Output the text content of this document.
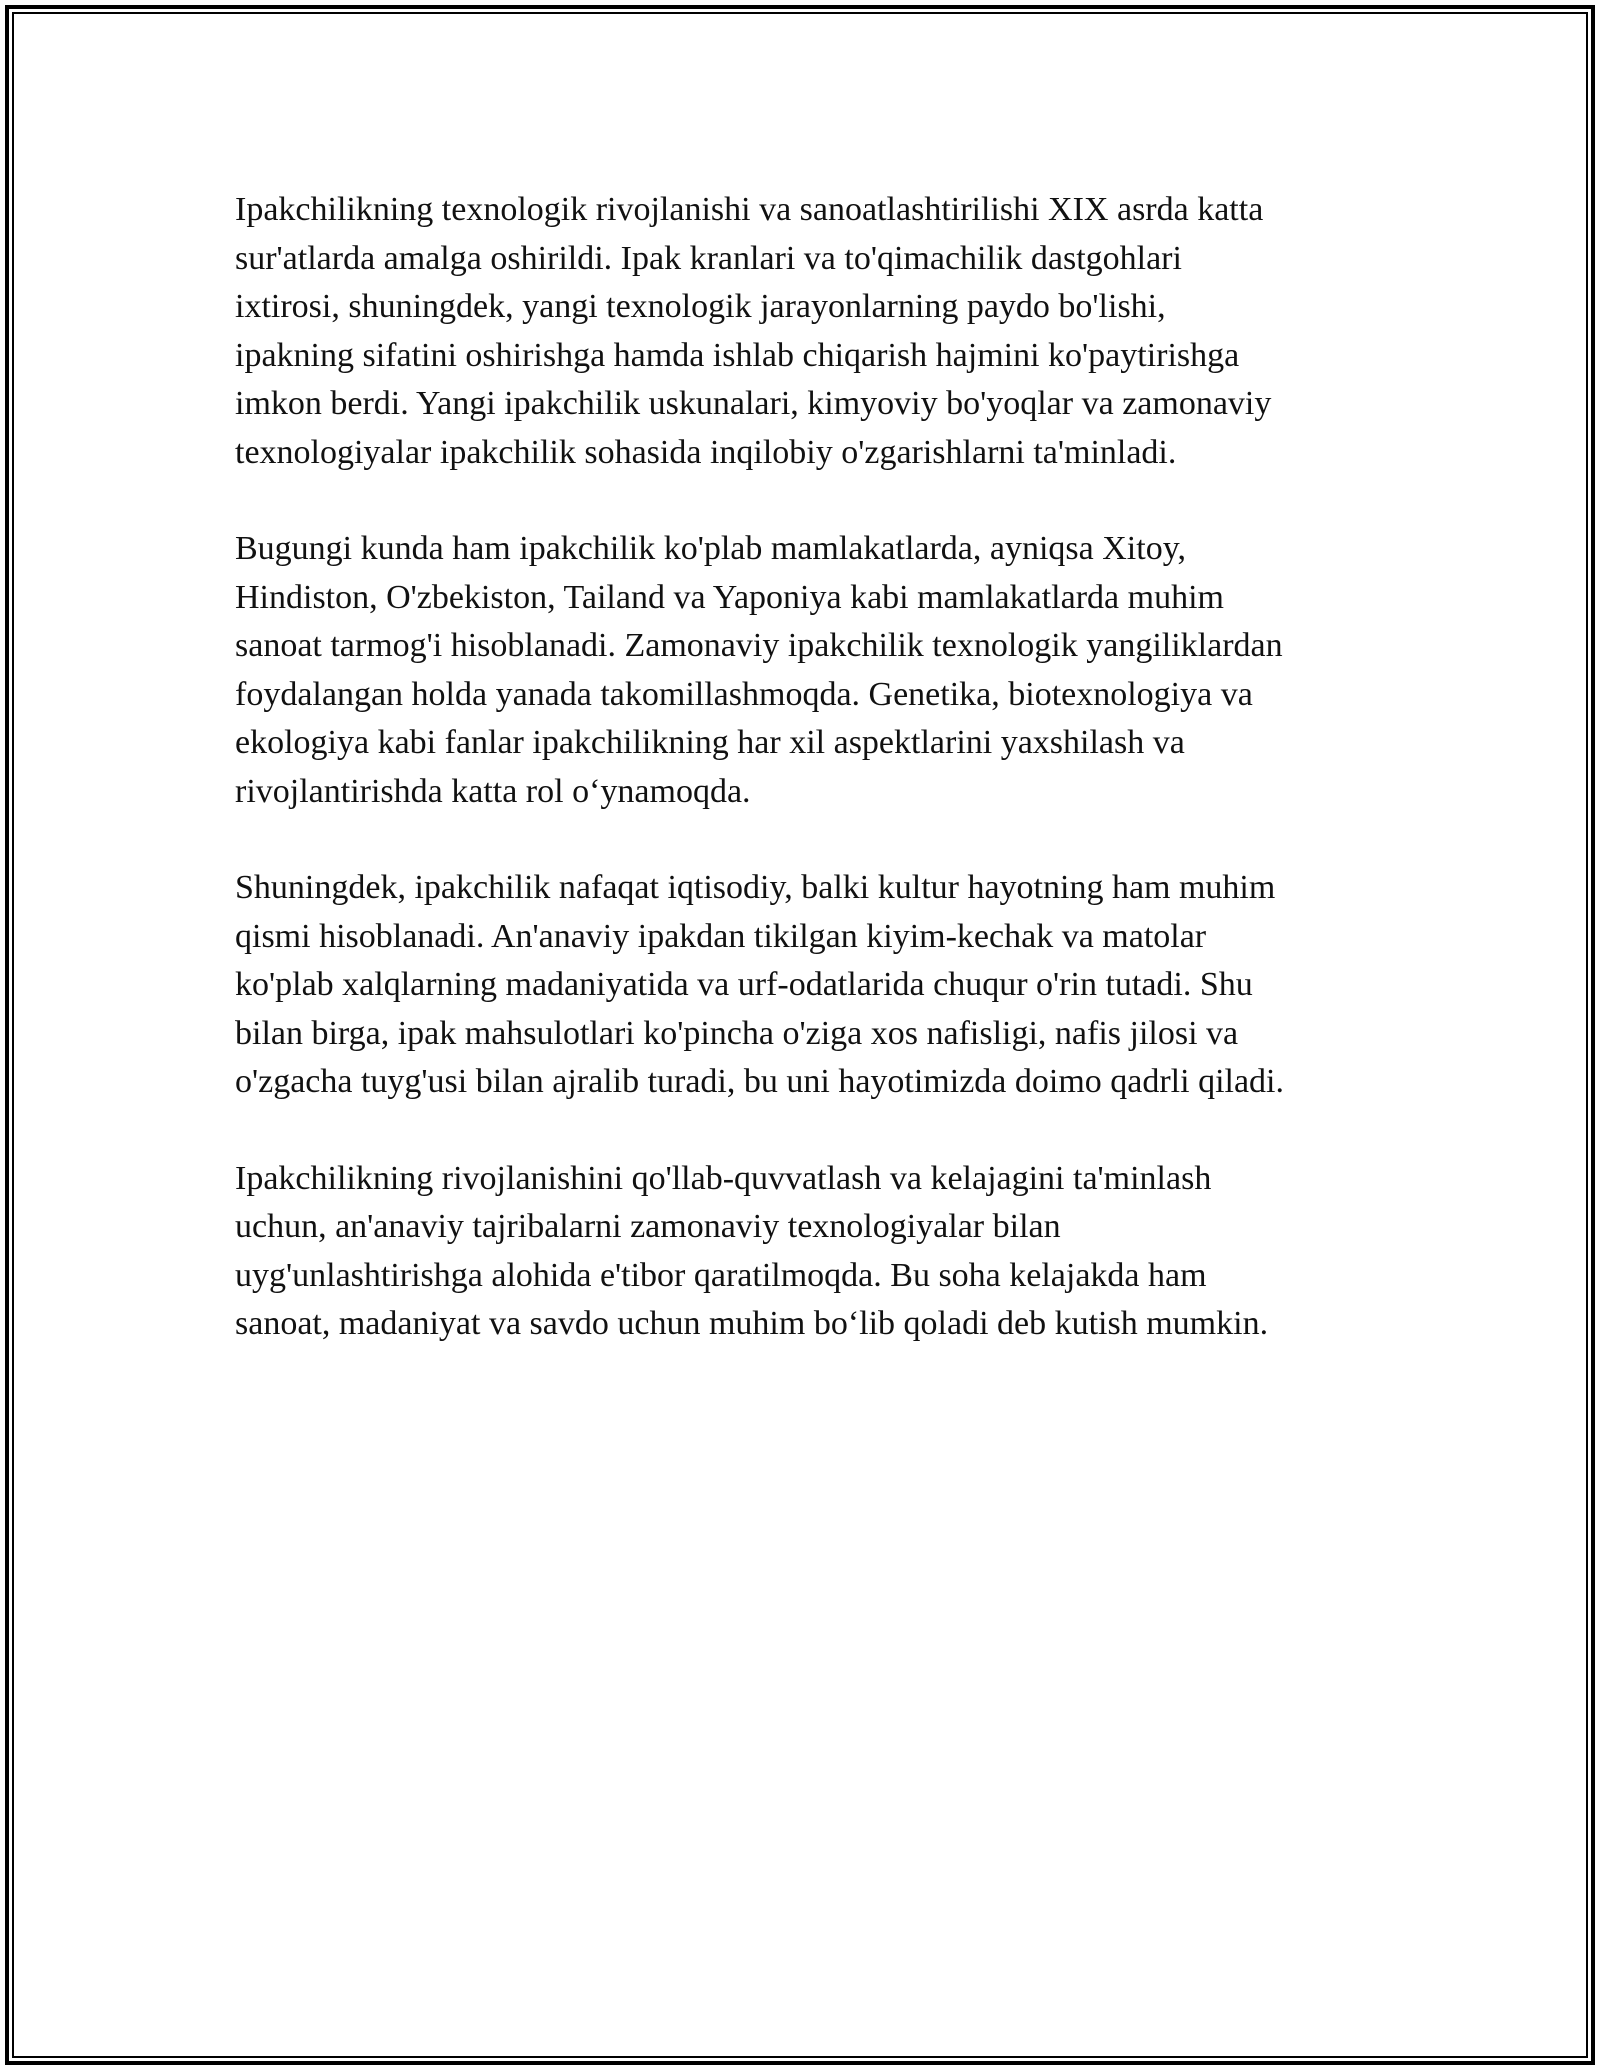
Ipakchilikning texnologik rivojlanishi va sanoatlashtirilishi XIX asrda katta
sur'atlarda amalga oshirildi. Ipak kranlari va to'qimachilik dastgohlari
ixtirosi, shuningdek, yangi texnologik jarayonlarning paydo bo'lishi,
ipakning sifatini oshirishga hamda ishlab chiqarish hajmini ko'paytirishga
imkon berdi. Yangi ipakchilik uskunalari, kimyoviy bo'yoqlar va zamonaviy
texnologiyalar ipakchilik sohasida inqilobiy o'zgarishlarni ta'minladi.

Bugungi kunda ham ipakchilik ko'plab mamlakatlarda, ayniqsa Xitoy,
Hindiston, O'zbekiston, Tailand va Yaponiya kabi mamlakatlarda muhim
sanoat tarmog'i hisoblanadi. Zamonaviy ipakchilik texnologik yangiliklardan
foydalangan holda yanada takomillashmoqda. Genetika, biotexnologiya va
ekologiya kabi fanlar ipakchilikning har xil aspektlarini yaxshilash va
rivojlantirishda katta rol o‘ynamoqda.

Shuningdek, ipakchilik nafaqat iqtisodiy, balki kultur hayotning ham muhim
qismi hisoblanadi. An'anaviy ipakdan tikilgan kiyim-kechak va matolar
ko'plab xalqlarning madaniyatida va urf-odatlarida chuqur o'rin tutadi. Shu
bilan birga, ipak mahsulotlari ko'pincha o'ziga xos nafisligi, nafis jilosi va
o'zgacha tuyg'usi bilan ajralib turadi, bu uni hayotimizda doimo qadrli qiladi.

Ipakchilikning rivojlanishini qo'llab-quvvatlash va kelajagini ta'minlash
uchun, an'anaviy tajribalarni zamonaviy texnologiyalar bilan
uyg'unlashtirishga alohida e'tibor qaratilmoqda. Bu soha kelajakda ham
sanoat, madaniyat va savdo uchun muhim bo‘lib qoladi deb kutish mumkin.
